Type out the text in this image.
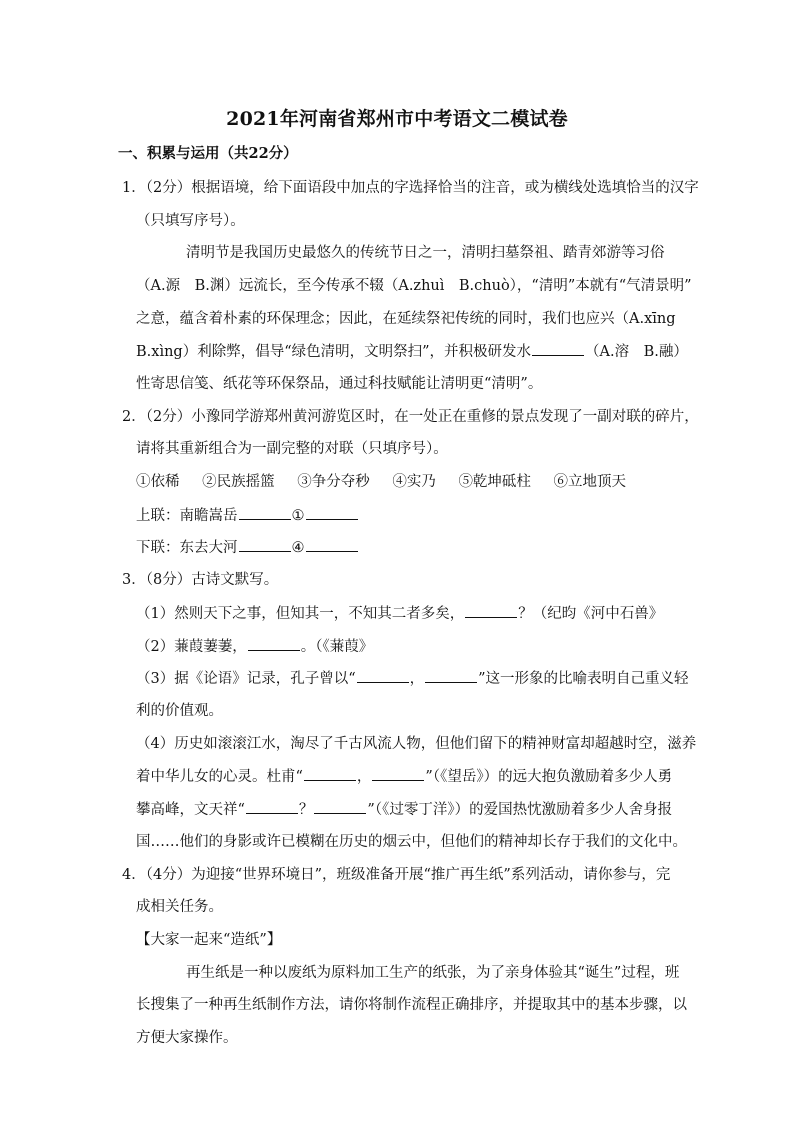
2021年河南省郑州市中考语文二模试卷
一、积累与运用（共22分）
1．（2分）根据语境，给下面语段中加点的字选择恰当的注音，或为横线处选填恰当的汉字
（只填写序号）。
清明节是我国历史最悠久的传统节日之一，清明扫墓祭祖、踏青郊游等习俗
（A.源　B.渊）远流长，至今传承不辍（A.zhuì　B.chuò），“清明”本就有“气清景明”
之意，蕴含着朴素的环保理念；因此，在延续祭祀传统的同时，我们也应兴（A.xīng
B.xìng）利除弊，倡导“绿色清明，文明祭扫”，并积极研发水	（A.溶　B.融）
性寄思信笺、纸花等环保祭品，通过科技赋能让清明更“清明”。
2．（2分）小豫同学游郑州黄河游览区时，在一处正在重修的景点发现了一副对联的碎片，
请将其重新组合为一副完整的对联（只填序号）。
①依稀 ②民族摇篮 ③争分夺秒 ④实乃 ⑤乾坤砥柱 ⑥立地顶天
上联：南瞻嵩岳	①
下联：东去大河	④
3．（8分）古诗文默写。
（1）然则天下之事，但知其一，不知其二者多矣，	？（纪昀《河中石兽》
（2）蒹葭萋萋，	。（《蒹葭》
（3）据《论语》记录，孔子曾以“	，	”这一形象的比喻表明自己重义轻
利的价值观。
（4）历史如滚滚江水，淘尽了千古风流人物，但他们留下的精神财富却超越时空，滋养
着中华儿女的心灵。杜甫“	，	”（《望岳》）的远大抱负激励着多少人勇
攀高峰，文天祥“	？	”（《过零丁洋》）的爱国热忱激励着多少人舍身报
国……他们的身影或许已模糊在历史的烟云中，但他们的精神却长存于我们的文化中。
4．（4分）为迎接“世界环境日”，班级准备开展“推广再生纸”系列活动，请你参与，完
成相关任务。
【大家一起来“造纸”】
再生纸是一种以废纸为原料加工生产的纸张，为了亲身体验其“诞生”过程，班
长搜集了一种再生纸制作方法，请你将制作流程正确排序，并提取其中的基本步骤，以
方便大家操作。
